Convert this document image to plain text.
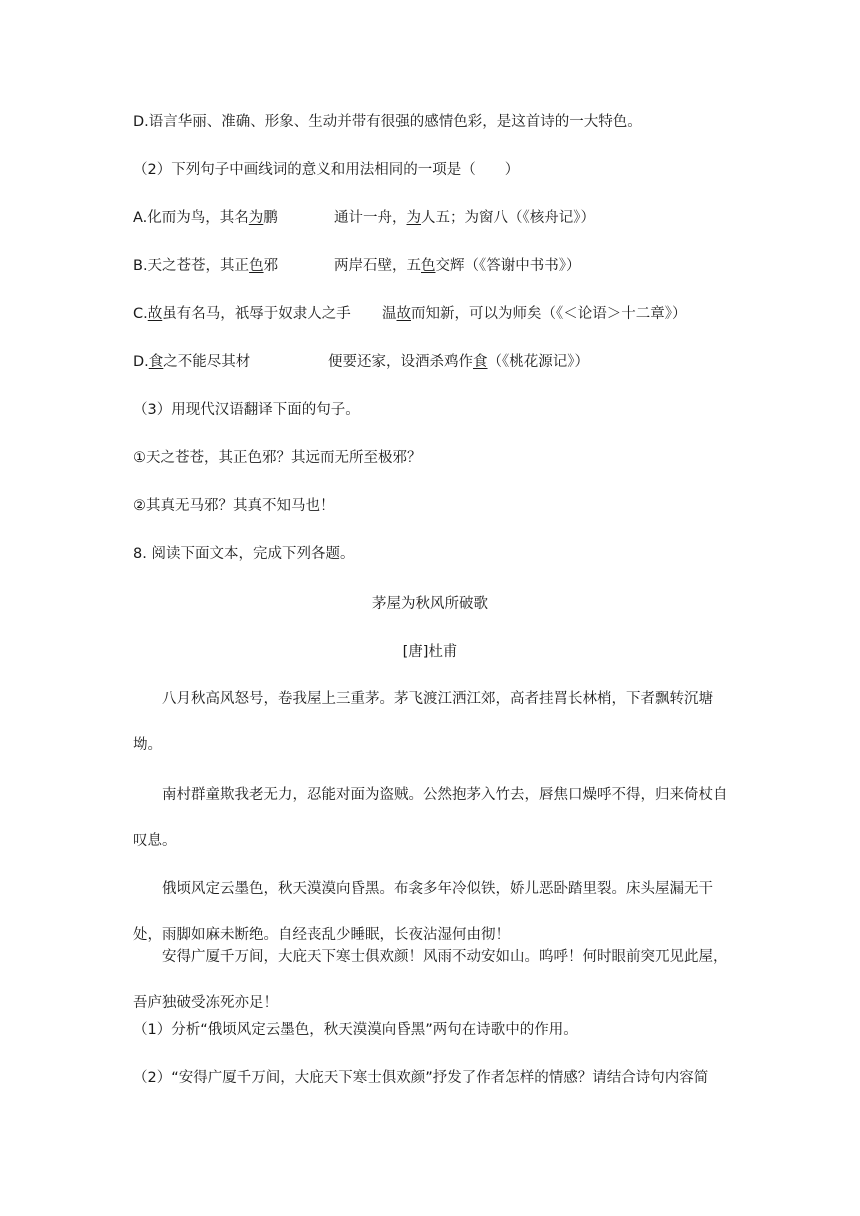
D.语言华丽、准确、形象、生动并带有很强的感情色彩，是这首诗的一大特色。
（2）下列句子中画线词的意义和用法相同的一项是（　　）
A.化而为鸟，其名为鹏	通计一舟，为人五；为窗八（《核舟记》）
B.天之苍苍，其正色邪	两岸石壁，五色交辉（《答谢中书书》）
C.故虽有名马，祇辱于奴隶人之手 温故而知新，可以为师矣（《＜论语＞十二章》）
D.食之不能尽其材	便要还家，设酒杀鸡作食（《桃花源记》）
（3）用现代汉语翻译下面的句子。
①天之苍苍，其正色邪？其远而无所至极邪？
②其真无马邪？其真不知马也！
8. 阅读下面文本，完成下列各题。
茅屋为秋风所破歌
[唐]杜甫
八月秋高风怒号，卷我屋上三重茅。茅飞渡江洒江郊，高者挂罥长林梢，下者飘转沉塘坳。
南村群童欺我老无力，忍能对面为盗贼。公然抱茅入竹去，唇焦口燥呼不得，归来倚杖自叹息。
俄顷风定云墨色，秋天漠漠向昏黑。布衾多年冷似铁，娇儿恶卧踏里裂。床头屋漏无干处，雨脚如麻未断绝。自经丧乱少睡眠，长夜沾湿何由彻！
安得广厦千万间，大庇天下寒士俱欢颜！风雨不动安如山。呜呼！何时眼前突兀见此屋，吾庐独破受冻死亦足！
（1）分析“俄顷风定云墨色，秋天漠漠向昏黑”两句在诗歌中的作用。
（2）“安得广厦千万间，大庇天下寒士俱欢颜”抒发了作者怎样的情感？请结合诗句内容简
